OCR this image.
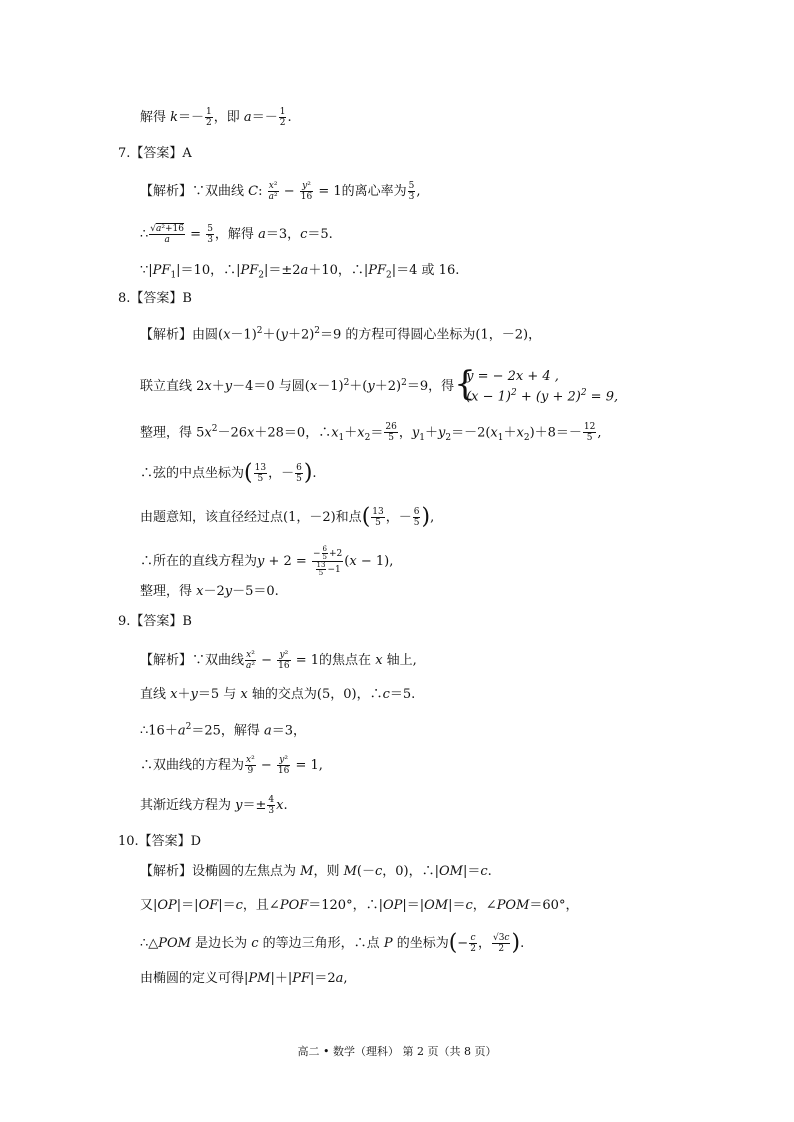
解得 $k=- \frac{1}{2}$ ，即 $a=- \frac{1}{2}$ .
7.【答案】A
【解析】∵双曲线 C: $\frac{\text{x²}}{\text{a²}} - \frac{\text{y²}}{16} = 1$的离心率为 $\frac{5}{3}$ ,
∴ $\frac{\text{√a²+16}}{a} = \frac{5}{3}$ ，解得 a＝3，c＝5.
$\because|PF_1|=10$，$\therefore|PF_2|=\pm 2a+10$，$\therefore|PF_2|=4$ 或 16.
8.【答案】B
【解析】由圆$(x-1)^2+(y+2)^2=9$ 的方程可得圆心坐标为(1，－2)，
联立直线 2x＋y－4＝0 与圆$(x-1)^2+(y+2)^2=9$，得 {
y = − 2x + 4 ,
$(x - 1)^2 + (y + 2)^2 = 9$,
整理，得 $5x^2-26x+28=0$，$\therefore x_1+x_2= \frac{26}{5}$ ，$y_1+y_2=-2(x_1+x_2)+8=- \frac{12}{5}$ ,
∴弦的中点坐标为( $\frac{13}{5}$ ，－ $\frac{6}{5}$ ).
由题意知，该直径经过点(1，－2)和点( $\frac{13}{5}$ ，－ $\frac{6}{5}$ ),
∴所在的直线方程为$y + 2 = \frac{- \frac{6}{5} +2}{\frac{13}{5} -1} (x - 1)$,
整理，得 x－2y－5＝0.
9.【答案】B
【解析】∵双曲线 $\frac{\text{x²}}{\text{a²}} - \frac{\text{y²}}{16} = 1$的焦点在 x 轴上,
直线 x＋y＝5 与 x 轴的交点为(5，0)，∴c＝5.
$\therefore 16+a^2=25$，解得 a＝3，
∴双曲线的方程为 $\frac{\text{x²}}{9} - \frac{\text{y²}}{16} = 1$,
其渐近线方程为 $y=\pm \frac{4}{3} x$.
10.【答案】D
【解析】设椭圆的左焦点为 M，则 M(－c，0)，∴|OM|＝c.
又|OP|＝|OF|＝c，且∠POF＝120°，∴|OP|＝|OM|＝c，∠POM＝60°，
∴△POM 是边长为 c 的等边三角形，∴点 P 的坐标为(− $\frac{c}{2}$ ， $\frac{√3c}{2}$ ).
由椭圆的定义可得|PM|＋|PF|＝2a,
高二 • 数学（理科） 第 2 页（共 8 页）
